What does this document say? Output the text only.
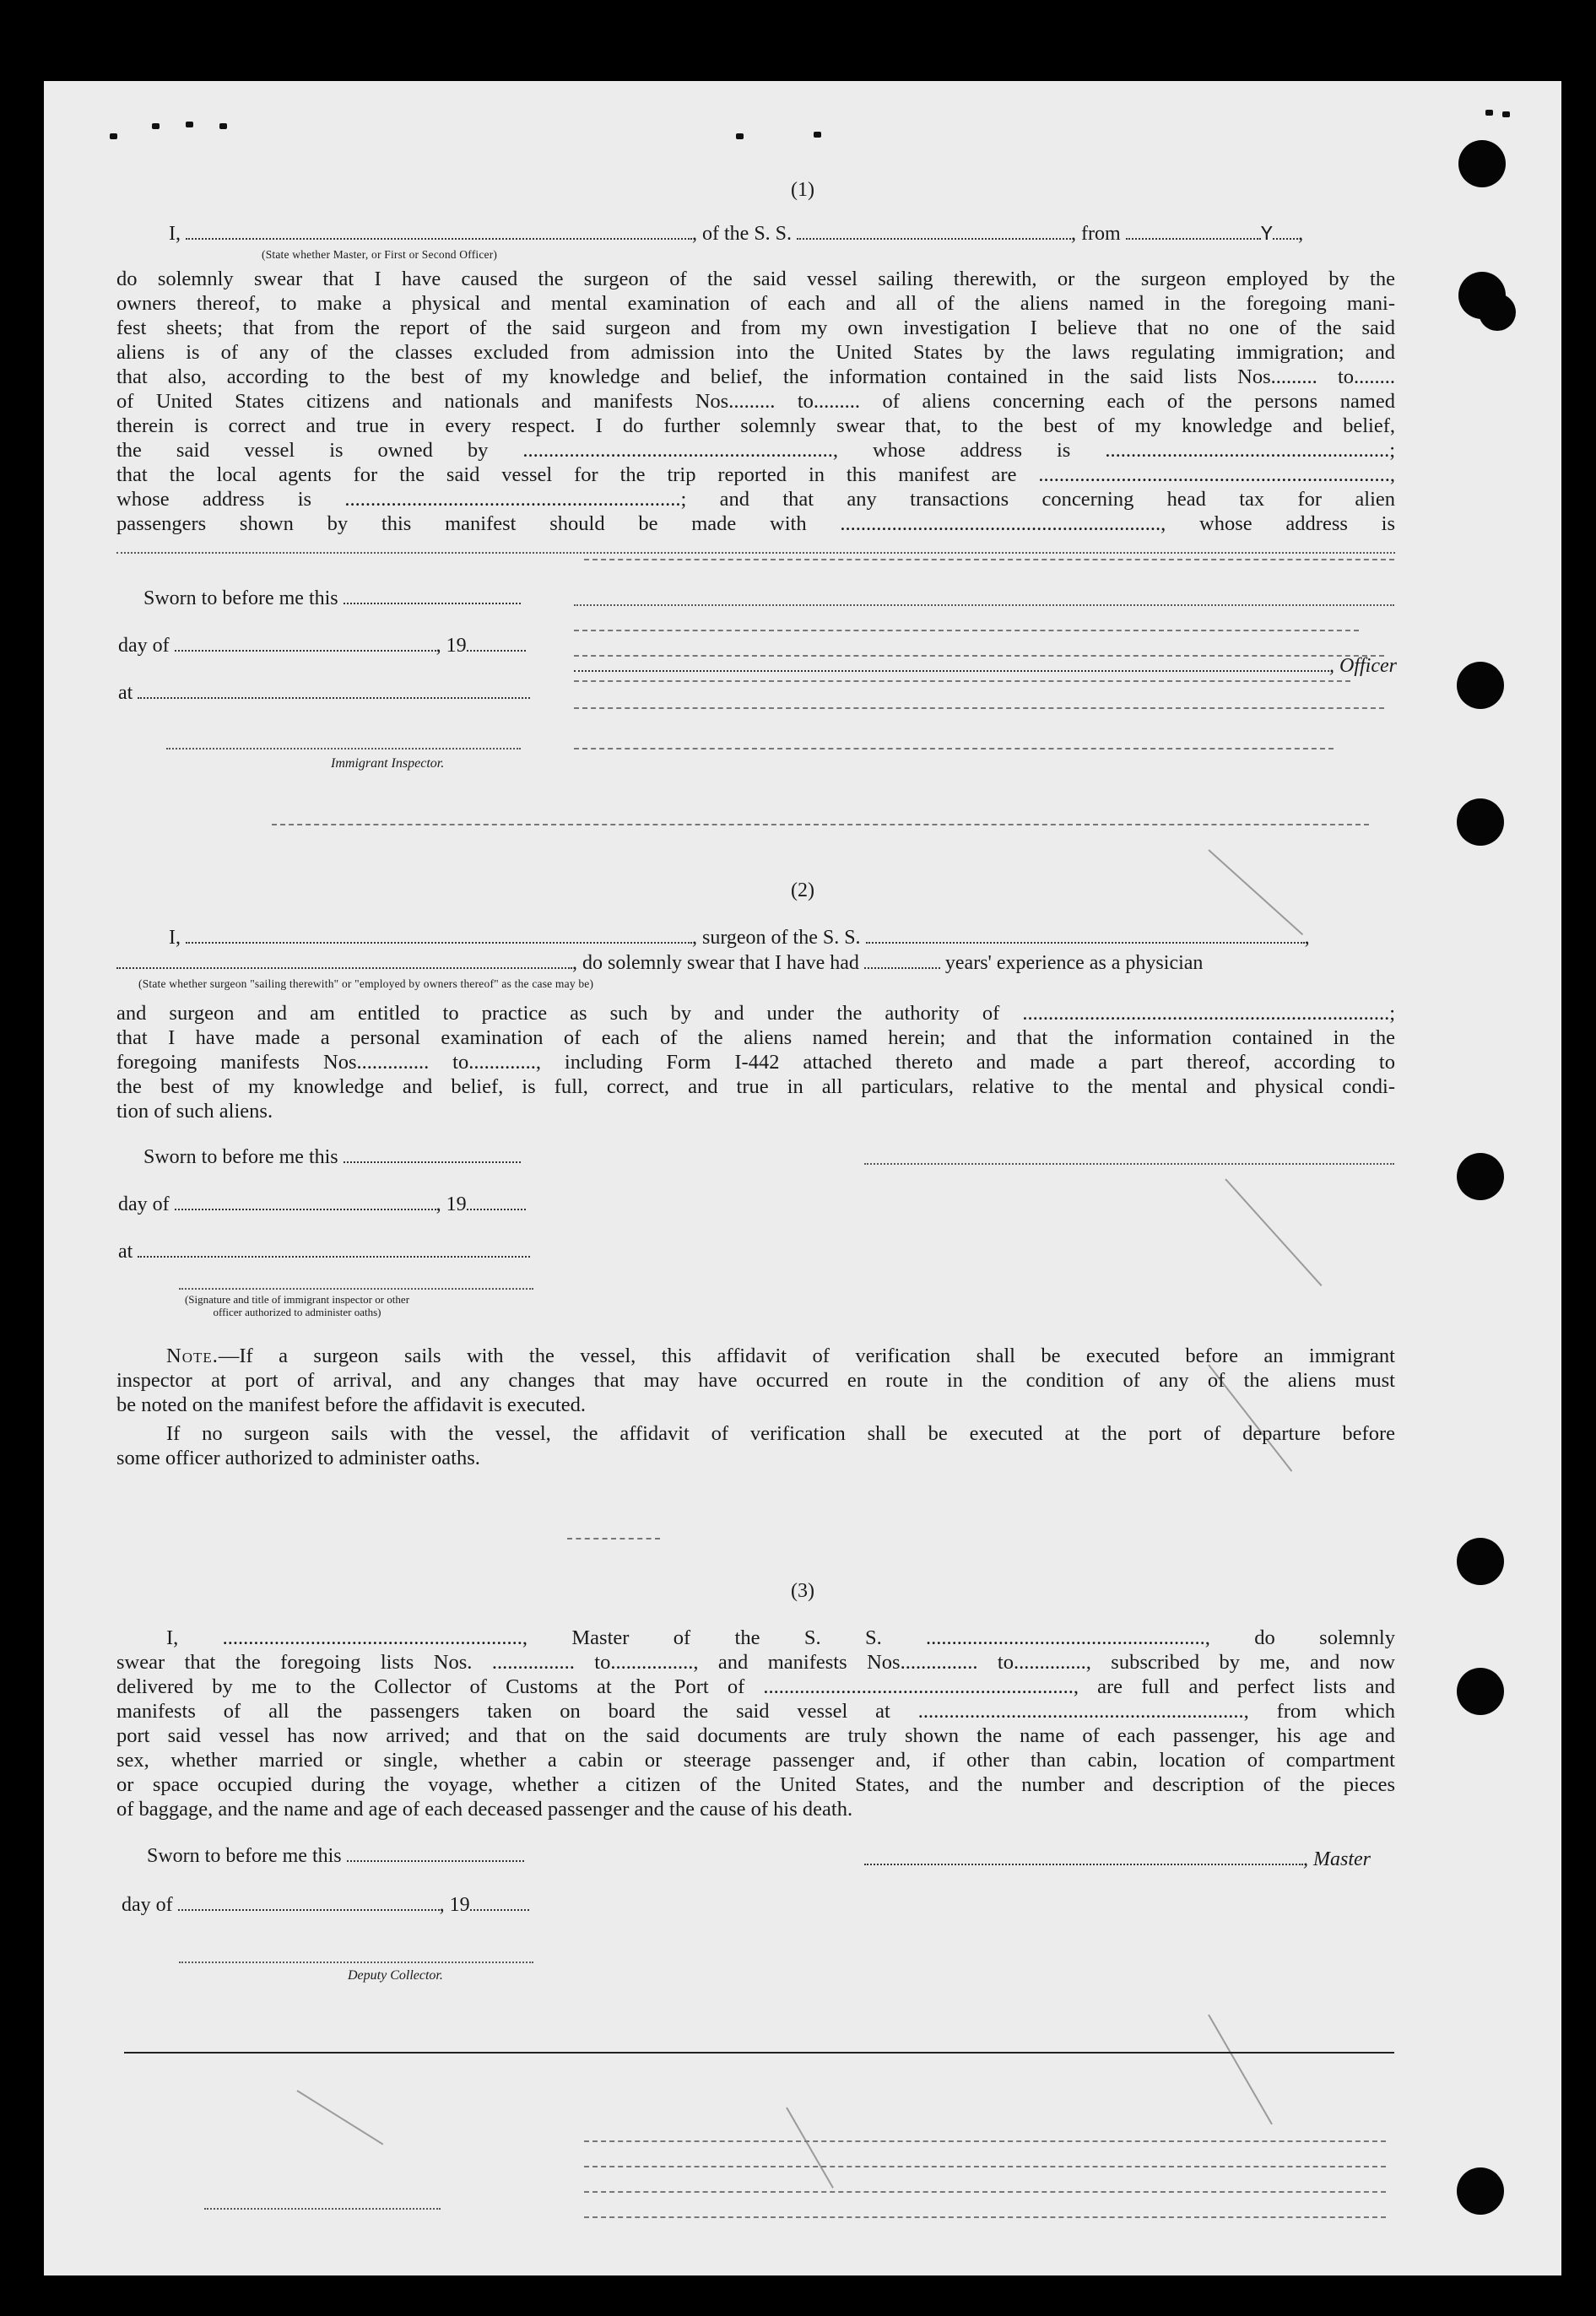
(1)
I,	, of the S. S.	, from	Y ,
(State whether Master, or First or Second Officer)
do solemnly swear that I have caused the surgeon of the said vessel sailing therewith, or the surgeon employed by the
owners thereof, to make a physical and mental examination of each and all of the aliens named in the foregoing mani-
fest sheets; that from the report of the said surgeon and from my own investigation I believe that no one of the said
aliens is of any of the classes excluded from admission into the United States by the laws regulating immigration; and
that also, according to the best of my knowledge and belief, the information contained in the said lists Nos......... to........
of United States citizens and nationals and manifests Nos......... to......... of aliens concerning each of the persons named
therein is correct and true in every respect. I do further solemnly swear that, to the best of my knowledge and belief,
the said vessel is owned by ............................................................, whose address is .......................................................;
that the local agents for the said vessel for the trip reported in this manifest are ....................................................................,
whose address is .................................................................; and that any transactions concerning head tax for alien
passengers shown by this manifest should be made with .............................................................., whose address is
Sworn to before me this
day of	, 19
at
Immigrant Inspector.
, Officer
(2)
I,	, surgeon of the S. S.	,
, do solemnly swear that I have had	years' experience as a physician
(State whether surgeon "sailing therewith" or "employed by owners thereof" as the case may be)
and surgeon and am entitled to practice as such by and under the authority of .......................................................................;
that I have made a personal examination of each of the aliens named herein; and that the information contained in the
foregoing manifests Nos.............. to............., including Form I-442 attached thereto and made a part thereof, according to
the best of my knowledge and belief, is full, correct, and true in all particulars, relative to the mental and physical condi-
tion of such aliens.
Sworn to before me this
day of	, 19
at
(Signature and title of immigrant inspector or other officer authorized to administer oaths)
Note.—If a surgeon sails with the vessel, this affidavit of verification shall be executed before an immigrant
inspector at port of arrival, and any changes that may have occurred en route in the condition of any of the aliens must
be noted on the manifest before the affidavit is executed.
If no surgeon sails with the vessel, the affidavit of verification shall be executed at the port of departure before
some officer authorized to administer oaths.
(3)
I, .........................................................., Master of the S. S. ......................................................, do solemnly
swear that the foregoing lists Nos. ................ to................, and manifests Nos............... to.............., subscribed by me, and now
delivered by me to the Collector of Customs at the Port of ............................................................, are full and perfect lists and
manifests of all the passengers taken on board the said vessel at ..............................................................., from which
port said vessel has now arrived; and that on the said documents are truly shown the name of each passenger, his age and
sex, whether married or single, whether a cabin or steerage passenger and, if other than cabin, location of compartment
or space occupied during the voyage, whether a citizen of the United States, and the number and description of the pieces
of baggage, and the name and age of each deceased passenger and the cause of his death.
Sworn to before me this	, Master
day of	, 19
Deputy Collector.
